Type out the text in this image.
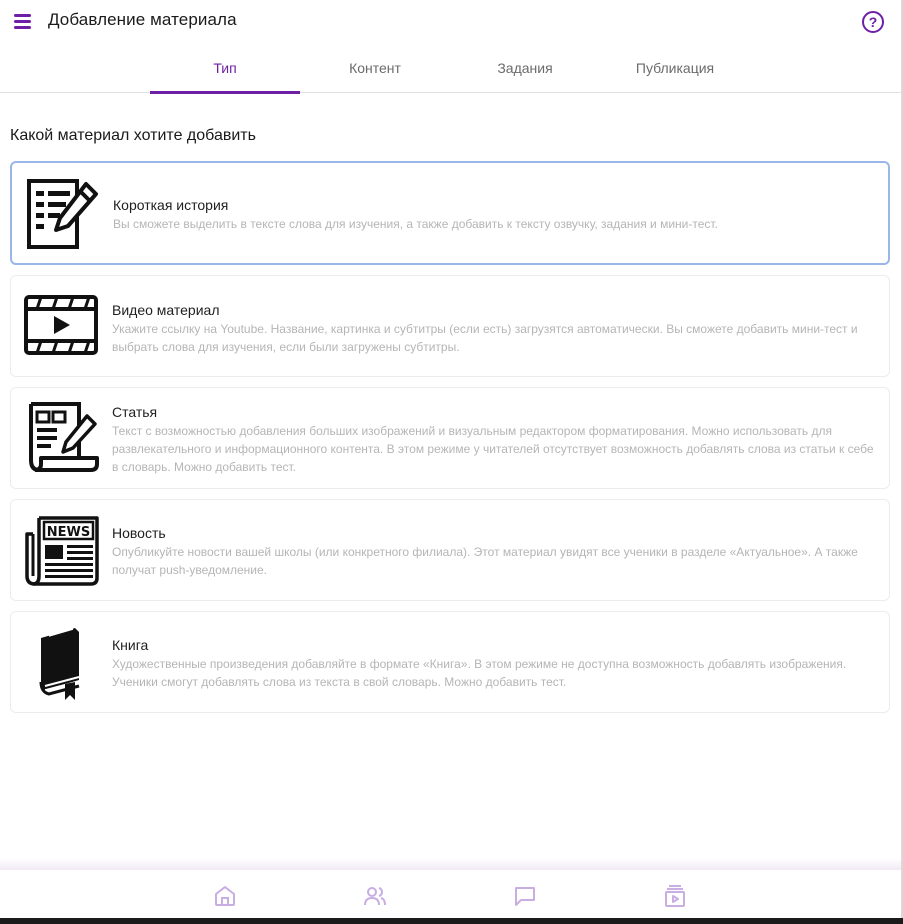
Добавление материала	?
Тип	Контент	Задания	Публикация
Какой материал хотите добавить
Короткая история
Вы сможете выделить в тексте слова для изучения, а также добавить к тексту озвучку, задания и мини-тест.
Видео материал
Укажите ссылку на Youtube. Название, картинка и субтитры (если есть) загрузятся автоматически. Вы сможете добавить мини-тест и выбрать слова для изучения, если были загружены субтитры.
Статья
Текст с возможностью добавления больших изображений и визуальным редактором форматирования. Можно использовать для развлекательного и информационного контента. В этом режиме у читателей отсутствует возможность добавлять слова из статьи к себе в словарь. Можно добавить тест.
NEWS Новость
Опубликуйте новости вашей школы (или конкретного филиала). Этот материал увидят все ученики в разделе «Актуальное». А также получат push-уведомление.
Книга
Художественные произведения добавляйте в формате «Книга». В этом режиме не доступна возможность добавлять изображения. Ученики смогут добавлять слова из текста в свой словарь. Можно добавить тест.
